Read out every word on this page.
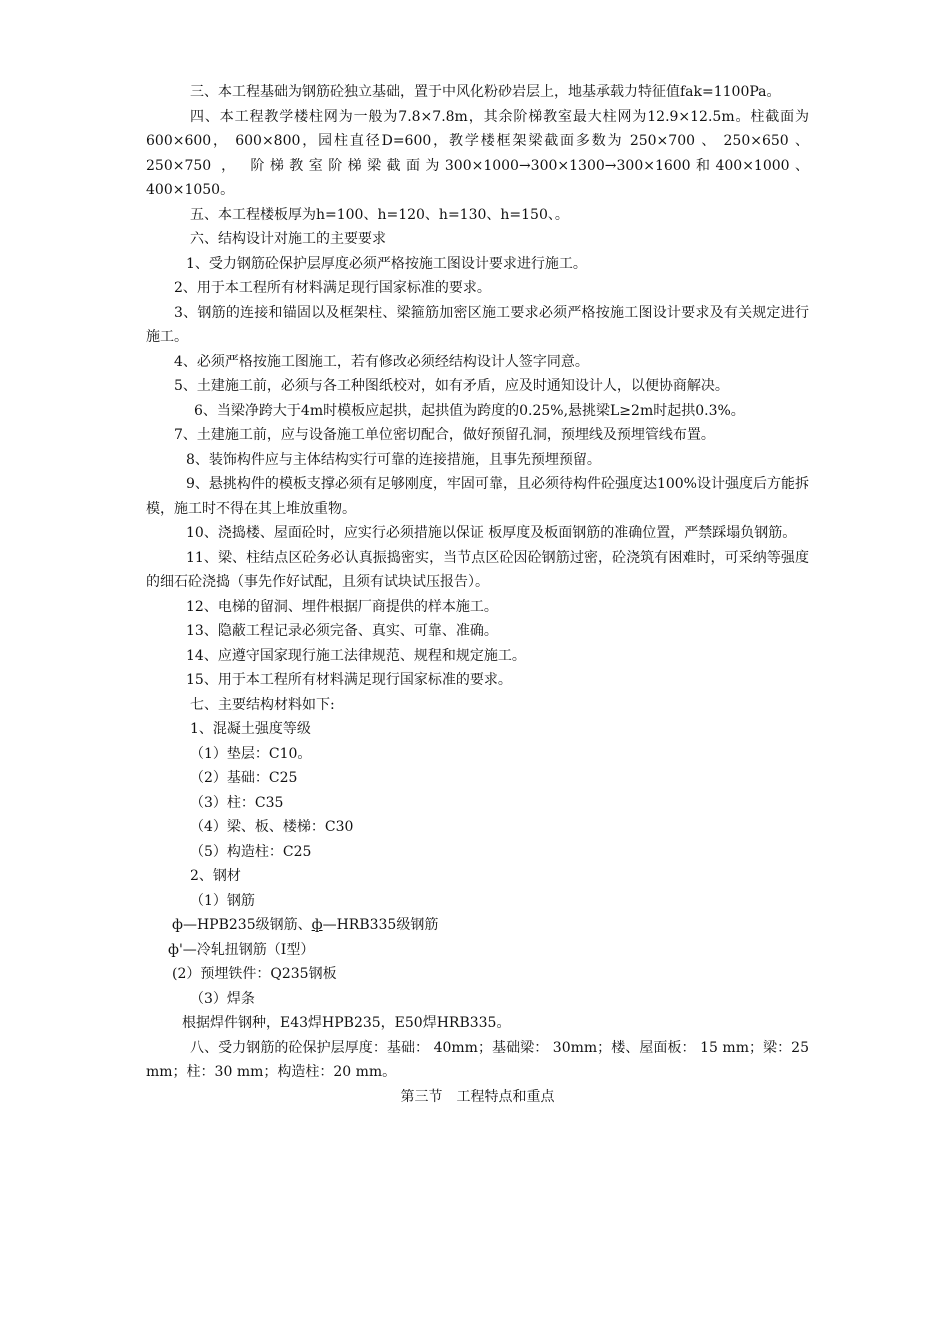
三、本工程基础为钢筋砼独立基础，置于中风化粉砂岩层上，地基承载力特征值fak=1100Pa。

四、本工程教学楼柱网为一般为7.8×7.8m，其余阶梯教室最大柱网为12.9×12.5m。柱截面为600×600， 600×800，园柱直径D=600，教学楼框架梁截面多数为 250×700 、 250×650 、 250×750 ， 阶梯教室阶梯梁截面为300×1000→300×1300→300×1600和400×1000、400×1050。

五、本工程楼板厚为h=100、h=120、h=130、h=150、。

六、结构设计对施工的主要要求

1、受力钢筋砼保护层厚度必须严格按施工图设计要求进行施工。

2、用于本工程所有材料满足现行国家标准的要求。

3、钢筋的连接和锚固以及框架柱、梁箍筋加密区施工要求必须严格按施工图设计要求及有关规定进行施工。

4、必须严格按施工图施工，若有修改必须经结构设计人签字同意。

5、土建施工前，必须与各工种图纸校对，如有矛盾，应及时通知设计人，以便协商解决。

6、当梁净跨大于4m时模板应起拱，起拱值为跨度的0.25%,悬挑梁L≥2m时起拱0.3%。

7、土建施工前，应与设备施工单位密切配合，做好预留孔洞，预埋线及预埋管线布置。

8、装饰构件应与主体结构实行可靠的连接措施，且事先预埋预留。

9、悬挑构件的模板支撑必须有足够刚度，牢固可靠，且必须待构件砼强度达100%设计强度后方能拆模，施工时不得在其上堆放重物。

10、浇捣楼、屋面砼时，应实行必须措施以保证 板厚度及板面钢筋的准确位置，严禁踩塌负钢筋。

11、梁、柱结点区砼务必认真振捣密实，当节点区砼因砼钢筋过密，砼浇筑有困难时，可采纳等强度的细石砼浇捣（事先作好试配，且须有试块试压报告）。

12、电梯的留洞、埋件根据厂商提供的样本施工。

13、隐蔽工程记录必须完备、真实、可靠、准确。

14、应遵守国家现行施工法律规范、规程和规定施工。

15、用于本工程所有材料满足现行国家标准的要求。

七、主要结构材料如下:

1、混凝土强度等级

（1）垫层：C10。

（2）基础：C25

（3）柱：C35

（4）梁、板、楼梯：C30

（5）构造柱：C25

2、钢材

（1）钢筋

ф—HPB235级钢筋、ф—HRB335级钢筋

ф'—冷轧扭钢筋（Ⅰ型）

(2）预埋铁件：Q235钢板

（3）焊条

根据焊件钢种，E43焊HPB235，E50焊HRB335。

八、受力钢筋的砼保护层厚度：基础： 40mm；基础梁： 30mm；楼、屋面板： 15 mm；梁：25 mm；柱：30 mm；构造柱：20 mm。

第三节　工程特点和重点
